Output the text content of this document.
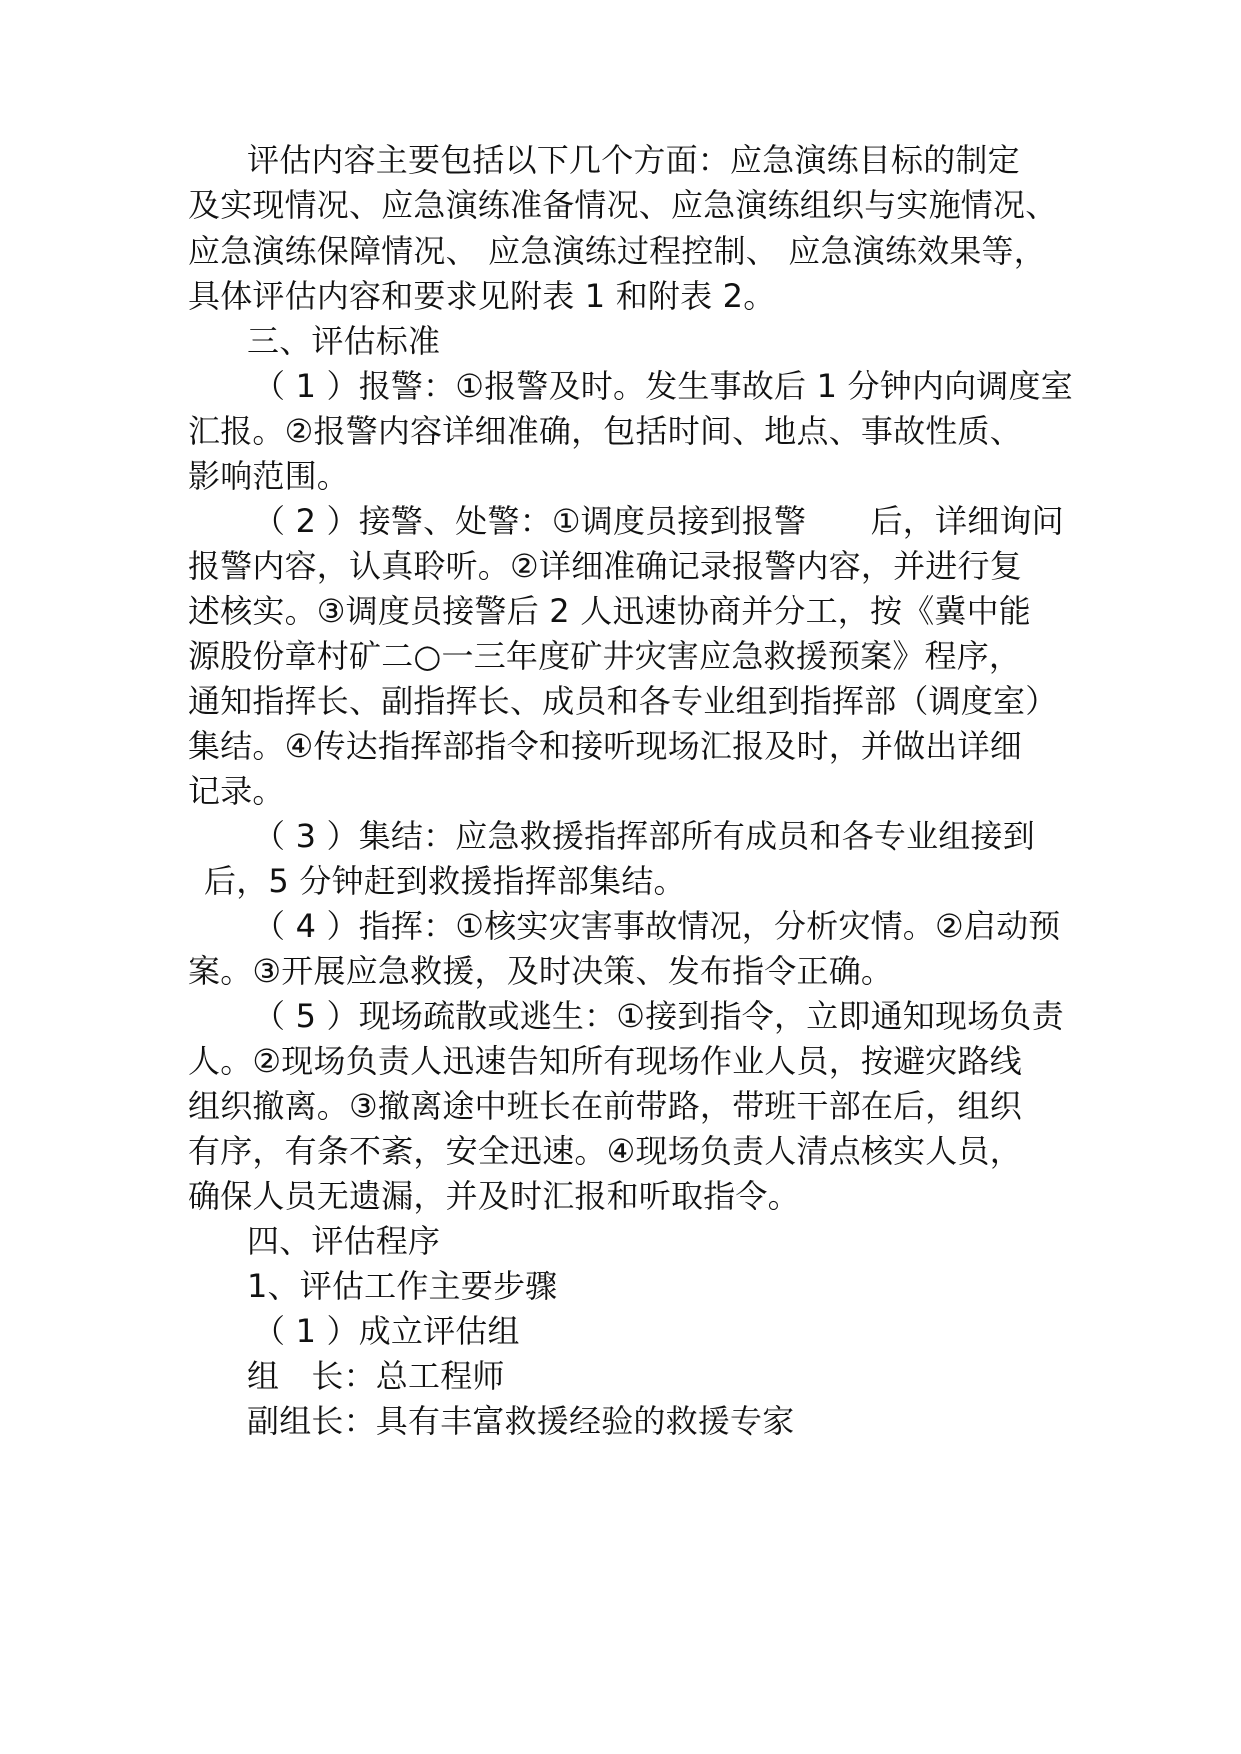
评估内容主要包括以下几个方面：应急演练目标的制定
及实现情况、应急演练准备情况、应急演练组织与实施情况、
应急演练保障情况、 应急演练过程控制、 应急演练效果等，
具体评估内容和要求见附表 1 和附表 2。
三、评估标准
（ 1 ）报警：①报警及时。发生事故后 1 分钟内向调度室
汇报。②报警内容详细准确，包括时间、地点、事故性质、
影响范围。
（ 2 ）接警、处警：①调度员接到报警　　后，详细询问
报警内容，认真聆听。②详细准确记录报警内容，并进行复
述核实。③调度员接警后 2 人迅速协商并分工，按《冀中能
源股份章村矿二○一三年度矿井灾害应急救援预案》程序，
通知指挥长、副指挥长、成员和各专业组到指挥部（调度室）
集结。④传达指挥部指令和接听现场汇报及时，并做出详细
记录。
（ 3 ）集结：应急救援指挥部所有成员和各专业组接到
后，5 分钟赶到救援指挥部集结。
（ 4 ）指挥：①核实灾害事故情况，分析灾情。②启动预
案。③开展应急救援，及时决策、发布指令正确。
（ 5 ）现场疏散或逃生：①接到指令，立即通知现场负责
人。②现场负责人迅速告知所有现场作业人员，按避灾路线
组织撤离。③撤离途中班长在前带路，带班干部在后，组织
有序，有条不紊，安全迅速。④现场负责人清点核实人员，
确保人员无遗漏，并及时汇报和听取指令。
四、评估程序
1、评估工作主要步骤
（ 1 ）成立评估组
组　长：总工程师
副组长：具有丰富救援经验的救援专家
